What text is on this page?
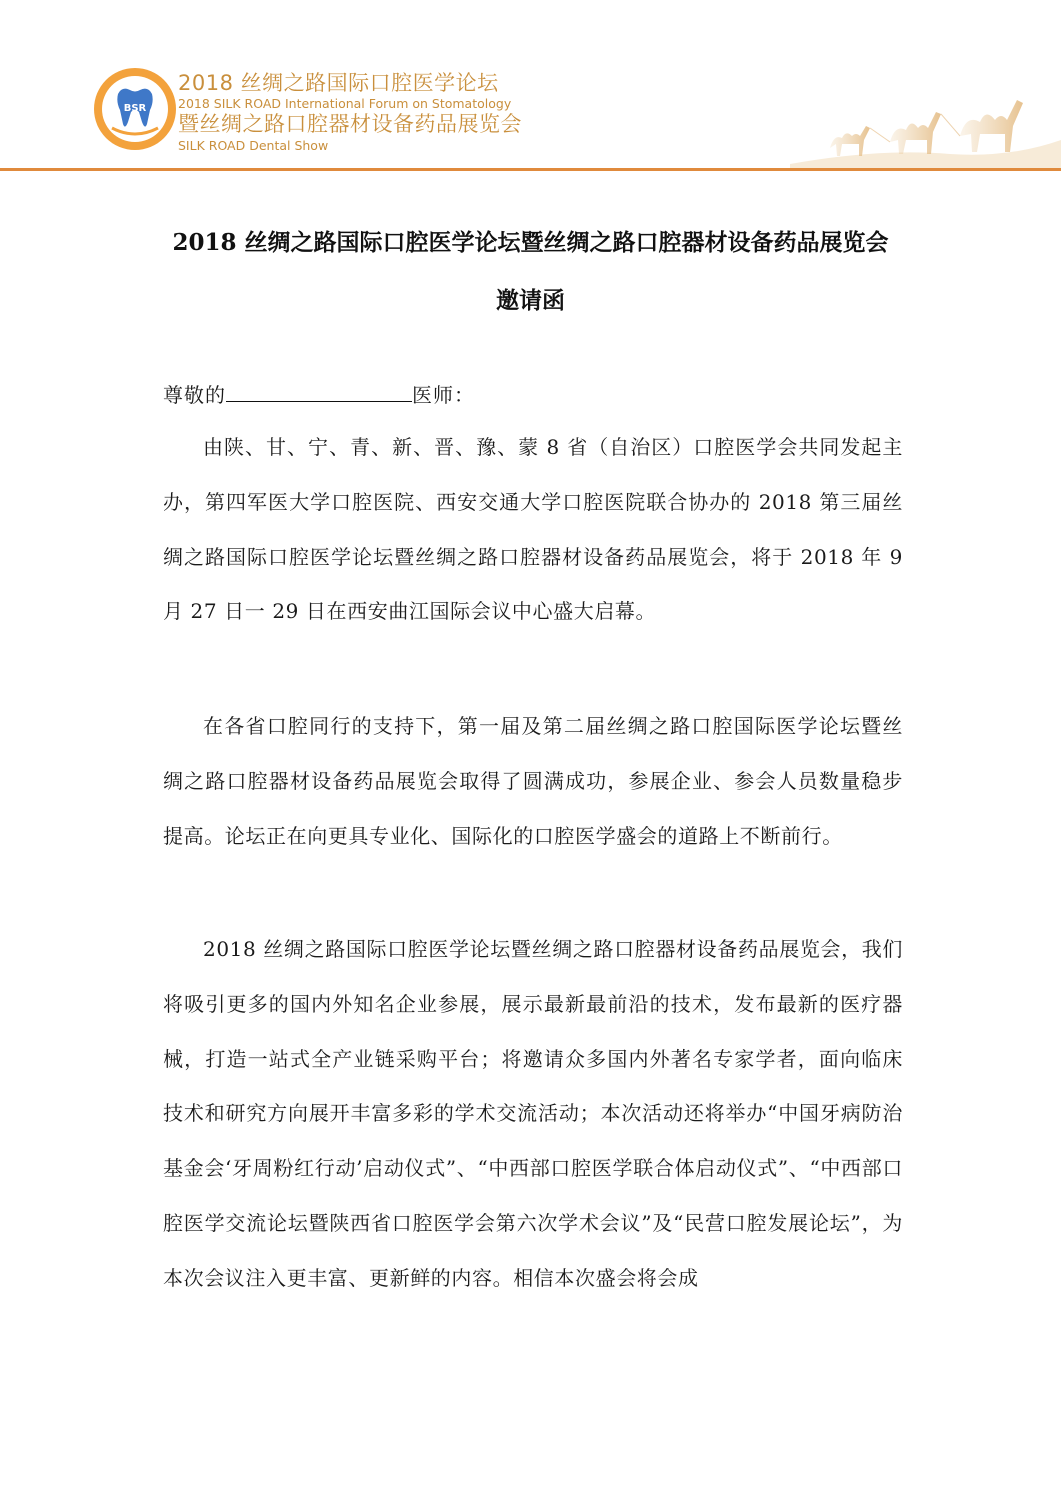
BSR
2018 丝绸之路国际口腔医学论坛
2018 SILK ROAD International Forum on Stomatology
暨丝绸之路口腔器材设备药品展览会
SILK ROAD Dental Show
2018 丝绸之路国际口腔医学论坛暨丝绸之路口腔器材设备药品展览会
邀请函
尊敬的	医师：
由陕、甘、宁、青、新、晋、豫、蒙 8 省（自治区）口腔医学会共同发起主办，第四军医大学口腔医院、西安交通大学口腔医院联合协办的 2018 第三届丝绸之路国际口腔医学论坛暨丝绸之路口腔器材设备药品展览会，将于 2018 年 9 月 27 日一 29 日在西安曲江国际会议中心盛大启幕。
在各省口腔同行的支持下，第一届及第二届丝绸之路口腔国际医学论坛暨丝绸之路口腔器材设备药品展览会取得了圆满成功，参展企业、参会人员数量稳步提高。论坛正在向更具专业化、国际化的口腔医学盛会的道路上不断前行。
2018 丝绸之路国际口腔医学论坛暨丝绸之路口腔器材设备药品展览会，我们将吸引更多的国内外知名企业参展，展示最新最前沿的技术，发布最新的医疗器械，打造一站式全产业链采购平台；将邀请众多国内外著名专家学者，面向临床技术和研究方向展开丰富多彩的学术交流活动；本次活动还将举办“中国牙病防治基金会‘牙周粉红行动’启动仪式”、“中西部口腔医学联合体启动仪式”、“中西部口腔医学交流论坛暨陕西省口腔医学会第六次学术会议”及“民营口腔发展论坛”，为本次会议注入更丰富、更新鲜的内容。相信本次盛会将会成
